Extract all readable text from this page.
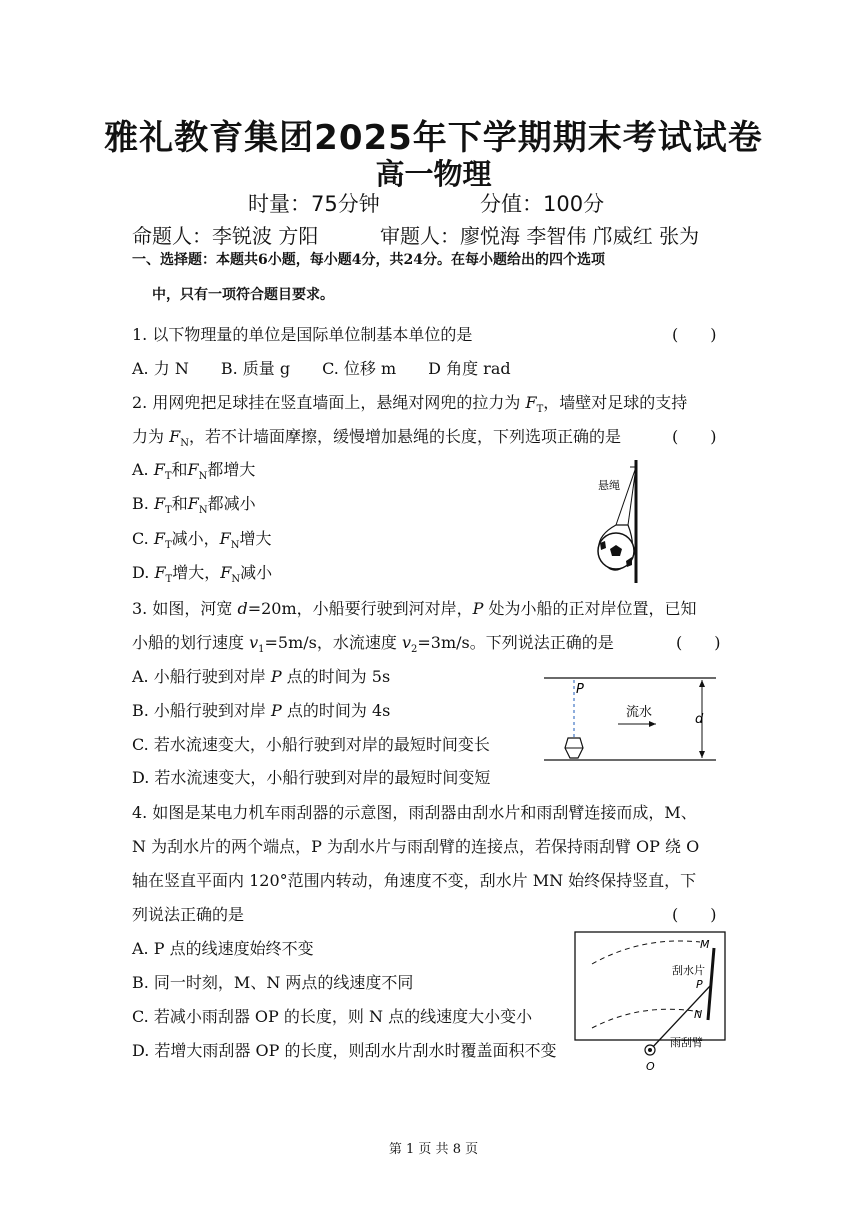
雅礼教育集团2025年下学期期末考试试卷
高一物理
时量：75分钟	分值：100分
命题人：李锐波 方阳	审题人：廖悦海 李智伟 邝威红 张为
一、选择题：本题共6小题，每小题4分，共24分。在每小题给出的四个选项
中，只有一项符合题目要求。
1. 以下物理量的单位是国际单位制基本单位的是	(　　)
A. 力 N　　B. 质量 g　　C. 位移 m　　D 角度 rad
2. 用网兜把足球挂在竖直墙面上，悬绳对网兜的拉力为 $F_T$，墙壁对足球的支持
力为 $F_N$，若不计墙面摩擦，缓慢增加悬绳的长度，下列选项正确的是	(　　)
A. $F_T$和$F_N$都增大
B. $F_T$和$F_N$都减小
C. $F_T$减小，$F_N$增大
D. $F_T$增大，$F_N$减小
悬绳
3. 如图，河宽 d=20m，小船要行驶到河对岸，P 处为小船的正对岸位置，已知
小船的划行速度 $v_1=5m/s$，水流速度 $v_2=3m/s$。下列说法正确的是	(　　)
A. 小船行驶到对岸 P 点的时间为 5s
B. 小船行驶到对岸 P 点的时间为 4s
C. 若水流速变大，小船行驶到对岸的最短时间变长
D. 若水流速变大，小船行驶到对岸的最短时间变短
P
流水	d
4. 如图是某电力机车雨刮器的示意图，雨刮器由刮水片和雨刮臂连接而成，M、
N 为刮水片的两个端点，P 为刮水片与雨刮臂的连接点，若保持雨刮臂 OP 绕 O
轴在竖直平面内 120°范围内转动，角速度不变，刮水片 MN 始终保持竖直，下
列说法正确的是	(　　)
A. P 点的线速度始终不变
B. 同一时刻，M、N 两点的线速度不同
C. 若减小雨刮器 OP 的长度，则 N 点的线速度大小变小
D. 若增大雨刮器 OP 的长度，则刮水片刮水时覆盖面积不变
M
刮水片
P
N
雨刮臂
O
第 1 页 共 8 页
